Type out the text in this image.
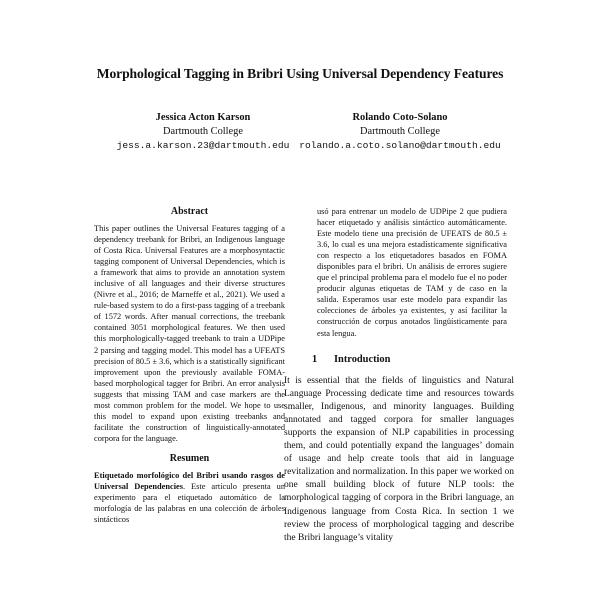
Morphological Tagging in Bribri Using Universal Dependency Features
Jessica Acton Karson
Dartmouth College
jess.a.karson.23@dartmouth.edu
Rolando Coto-Solano
Dartmouth College
rolando.a.coto.solano@dartmouth.edu
Abstract
This paper outlines the Universal Features tagging of a dependency treebank for Bribri, an Indigenous language of Costa Rica. Universal Features are a morphosyntactic tagging component of Universal Dependencies, which is a framework that aims to provide an annotation system inclusive of all languages and their diverse structures (Nivre et al., 2016; de Marneffe et al., 2021). We used a rule-based system to do a first-pass tagging of a treebank of 1572 words. After manual corrections, the treebank contained 3051 morphological features. We then used this morphologically-tagged treebank to train a UDPipe 2 parsing and tagging model. This model has a UFEATS precision of 80.5 ± 3.6, which is a statistically significant improvement upon the previously available FOMA-based morphological tagger for Bribri. An error analysis suggests that missing TAM and case markers are the most common problem for the model. We hope to use this model to expand upon existing treebanks and facilitate the construction of linguistically-annotated corpora for the language.
Resumen
Etiquetado morfológico del Bribri usando rasgos de Universal Dependencies. Este artículo presenta un experimento para el etiquetado automático de la morfología de las palabras en una colección de árboles sintácticos
usó para entrenar un modelo de UDPipe 2 que pudiera hacer etiquetado y análisis sintáctico automáticamente. Este modelo tiene una precisión de UFEATS de 80.5 ± 3.6, lo cual es una mejora estadísticamente significativa con respecto a los etiquetadores basados en FOMA disponibles para el bribri. Un análisis de errores sugiere que el principal problema para el modelo fue el no poder producir algunas etiquetas de TAM y de caso en la salida. Esperamos usar este modelo para expandir las colecciones de árboles ya existentes, y así facilitar la construcción de corpus anotados lingüísticamente para esta lengua.
1 Introduction
It is essential that the fields of linguistics and Natural Language Processing dedicate time and resources towards smaller, Indigenous, and minority languages. Building annotated and tagged corpora for smaller languages supports the expansion of NLP capabilities in processing them, and could potentially expand the languages’ domain of usage and help create tools that aid in language revitalization and normalization. In this paper we worked on one small building block of future NLP tools: the morphological tagging of corpora in the Bribri language, an Indigenous language from Costa Rica. In section 1 we review the process of morphological tagging and describe the Bribri language’s vitality
